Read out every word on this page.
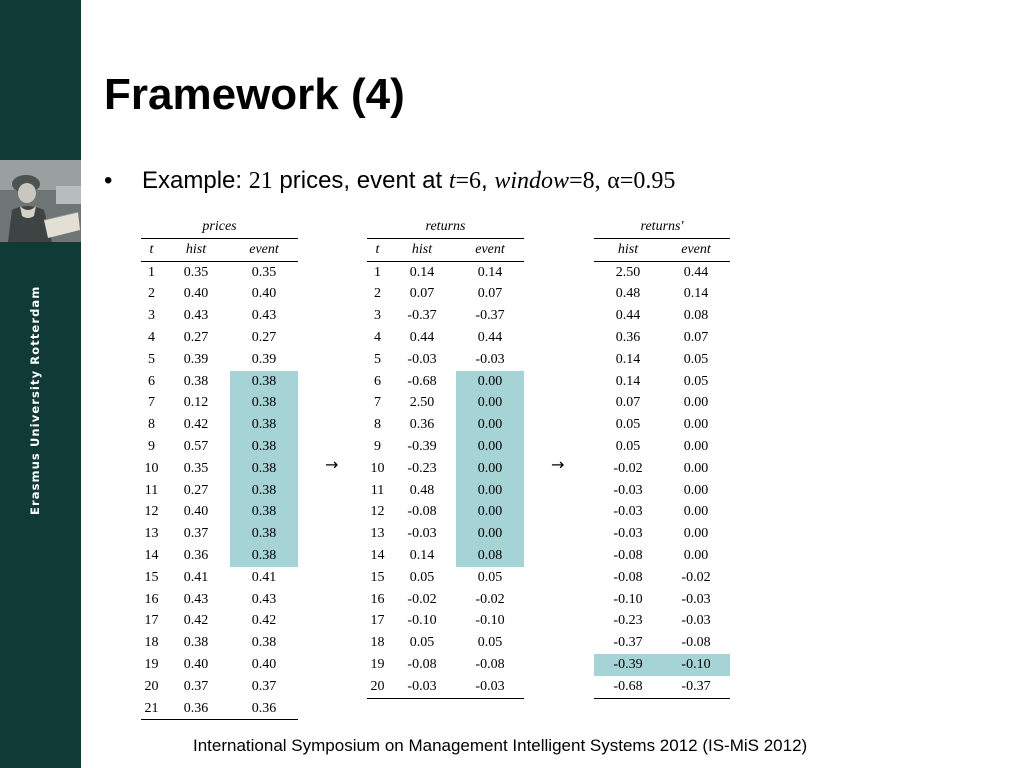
Erasmus University Rotterdam
Framework (4)
• Example: 21 prices, event at t=6, window=8, α=0.95
prices		
t	hist	event
1	0.35	0.35
2	0.40	0.40
3	0.43	0.43
4	0.27	0.27
5	0.39	0.39
6	0.38	0.38
7	0.12	0.38
8	0.42	0.38
9	0.57	0.38
10	0.35	0.38
11	0.27	0.38
12	0.40	0.38
13	0.37	0.38
14	0.36	0.38
15	0.41	0.41
16	0.43	0.43
17	0.42	0.42
18	0.38	0.38
19	0.40	0.40
20	0.37	0.37
21	0.36	0.36
→
returns		
t	hist	event
1	0.14	0.14
2	0.07	0.07
3	-0.37	-0.37
4	0.44	0.44
5	-0.03	-0.03
6	-0.68	0.00
7	2.50	0.00
8	0.36	0.00
9	-0.39	0.00
10	-0.23	0.00
11	0.48	0.00
12	-0.08	0.00
13	-0.03	0.00
14	0.14	0.08
15	0.05	0.05
16	-0.02	-0.02
17	-0.10	-0.10
18	0.05	0.05
19	-0.08	-0.08
20	-0.03	-0.03
→
returns'	
hist	event
2.50	0.44
0.48	0.14
0.44	0.08
0.36	0.07
0.14	0.05
0.14	0.05
0.07	0.00
0.05	0.00
0.05	0.00
-0.02	0.00
-0.03	0.00
-0.03	0.00
-0.03	0.00
-0.08	0.00
-0.08	-0.02
-0.10	-0.03
-0.23	-0.03
-0.37	-0.08
-0.39	-0.10
-0.68	-0.37
International Symposium on Management Intelligent Systems 2012 (IS-MiS 2012)
